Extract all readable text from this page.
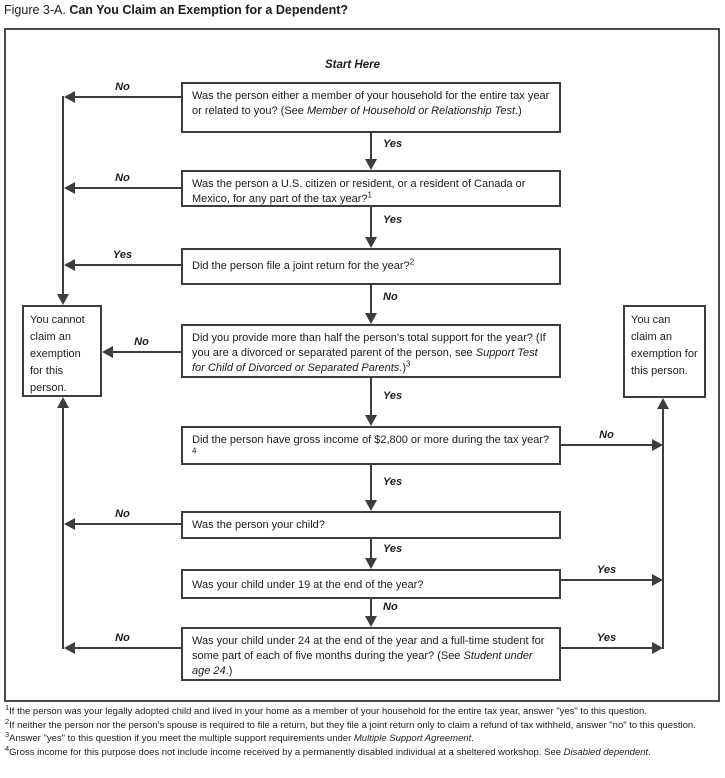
Figure 3-A. Can You Claim an Exemption for a Dependent?
Start Here
Was the person either a member of your household for the entire tax year or related to you? (See Member of Household or Relationship Test.)
Was the person a U.S. citizen or resident, or a resident of Canada or Mexico, for any part of the tax year?$^1$
Did the person file a joint return for the year?$^2$
Did you provide more than half the person's total support for the year? (If you are a divorced or separated parent of the person, see Support Test for Child of Divorced or Separated Parents.)$^3$
Did the person have gross income of $2,800 or more during the tax year?$^4$
Was the person your child?
Was your child under 19 at the end of the year?
Was your child under 24 at the end of the year and a full-time student for some part of each of five months during the year? (See Student under age 24.)
You cannot claim an exemption for this person.
You can claim an exemption for this person.
Yes
Yes
No
Yes
Yes
Yes
No
No
No
Yes
No
No
No
No
Yes
Yes

$^1$If the person was your legally adopted child and lived in your home as a member of your household for the entire tax year, answer "yes" to this question.

$^2$If neither the person nor the person's spouse is required to file a return, but they file a joint return only to claim a refund of tax withheld, answer "no" to this question.

$^3$Answer "yes" to this question if you meet the multiple support requirements under Multiple Support Agreement.

$^4$Gross income for this purpose does not include income received by a permanently disabled individual at a sheltered workshop. See Disabled dependent.
